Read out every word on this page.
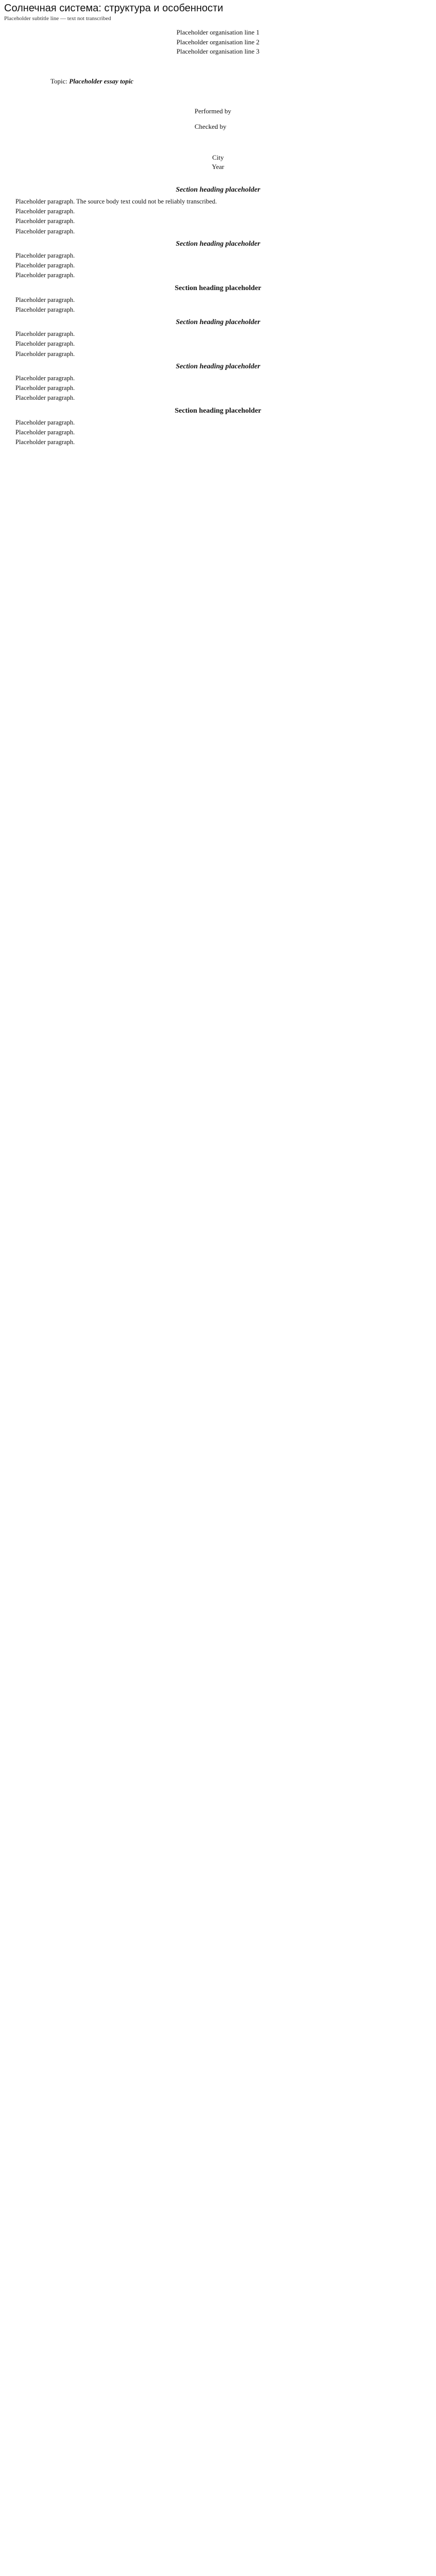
Солнечная система: структура и особенности
Placeholder subtitle line — text not transcribed

Placeholder organisation line 1

Placeholder organisation line 2

Placeholder organisation line 3

Topic: Placeholder essay topic
Performed by
Checked by
City
Year
Section heading placeholder

Placeholder paragraph. The source body text could not be reliably transcribed.

Placeholder paragraph.

Placeholder paragraph.

Placeholder paragraph.

Section heading placeholder

Placeholder paragraph.

Placeholder paragraph.

Placeholder paragraph.

Section heading placeholder

Placeholder paragraph.

Placeholder paragraph.

Section heading placeholder

Placeholder paragraph.

Placeholder paragraph.

Placeholder paragraph.

Section heading placeholder

Placeholder paragraph.

Placeholder paragraph.

Placeholder paragraph.

Section heading placeholder

Placeholder paragraph.

Placeholder paragraph.

Placeholder paragraph.
